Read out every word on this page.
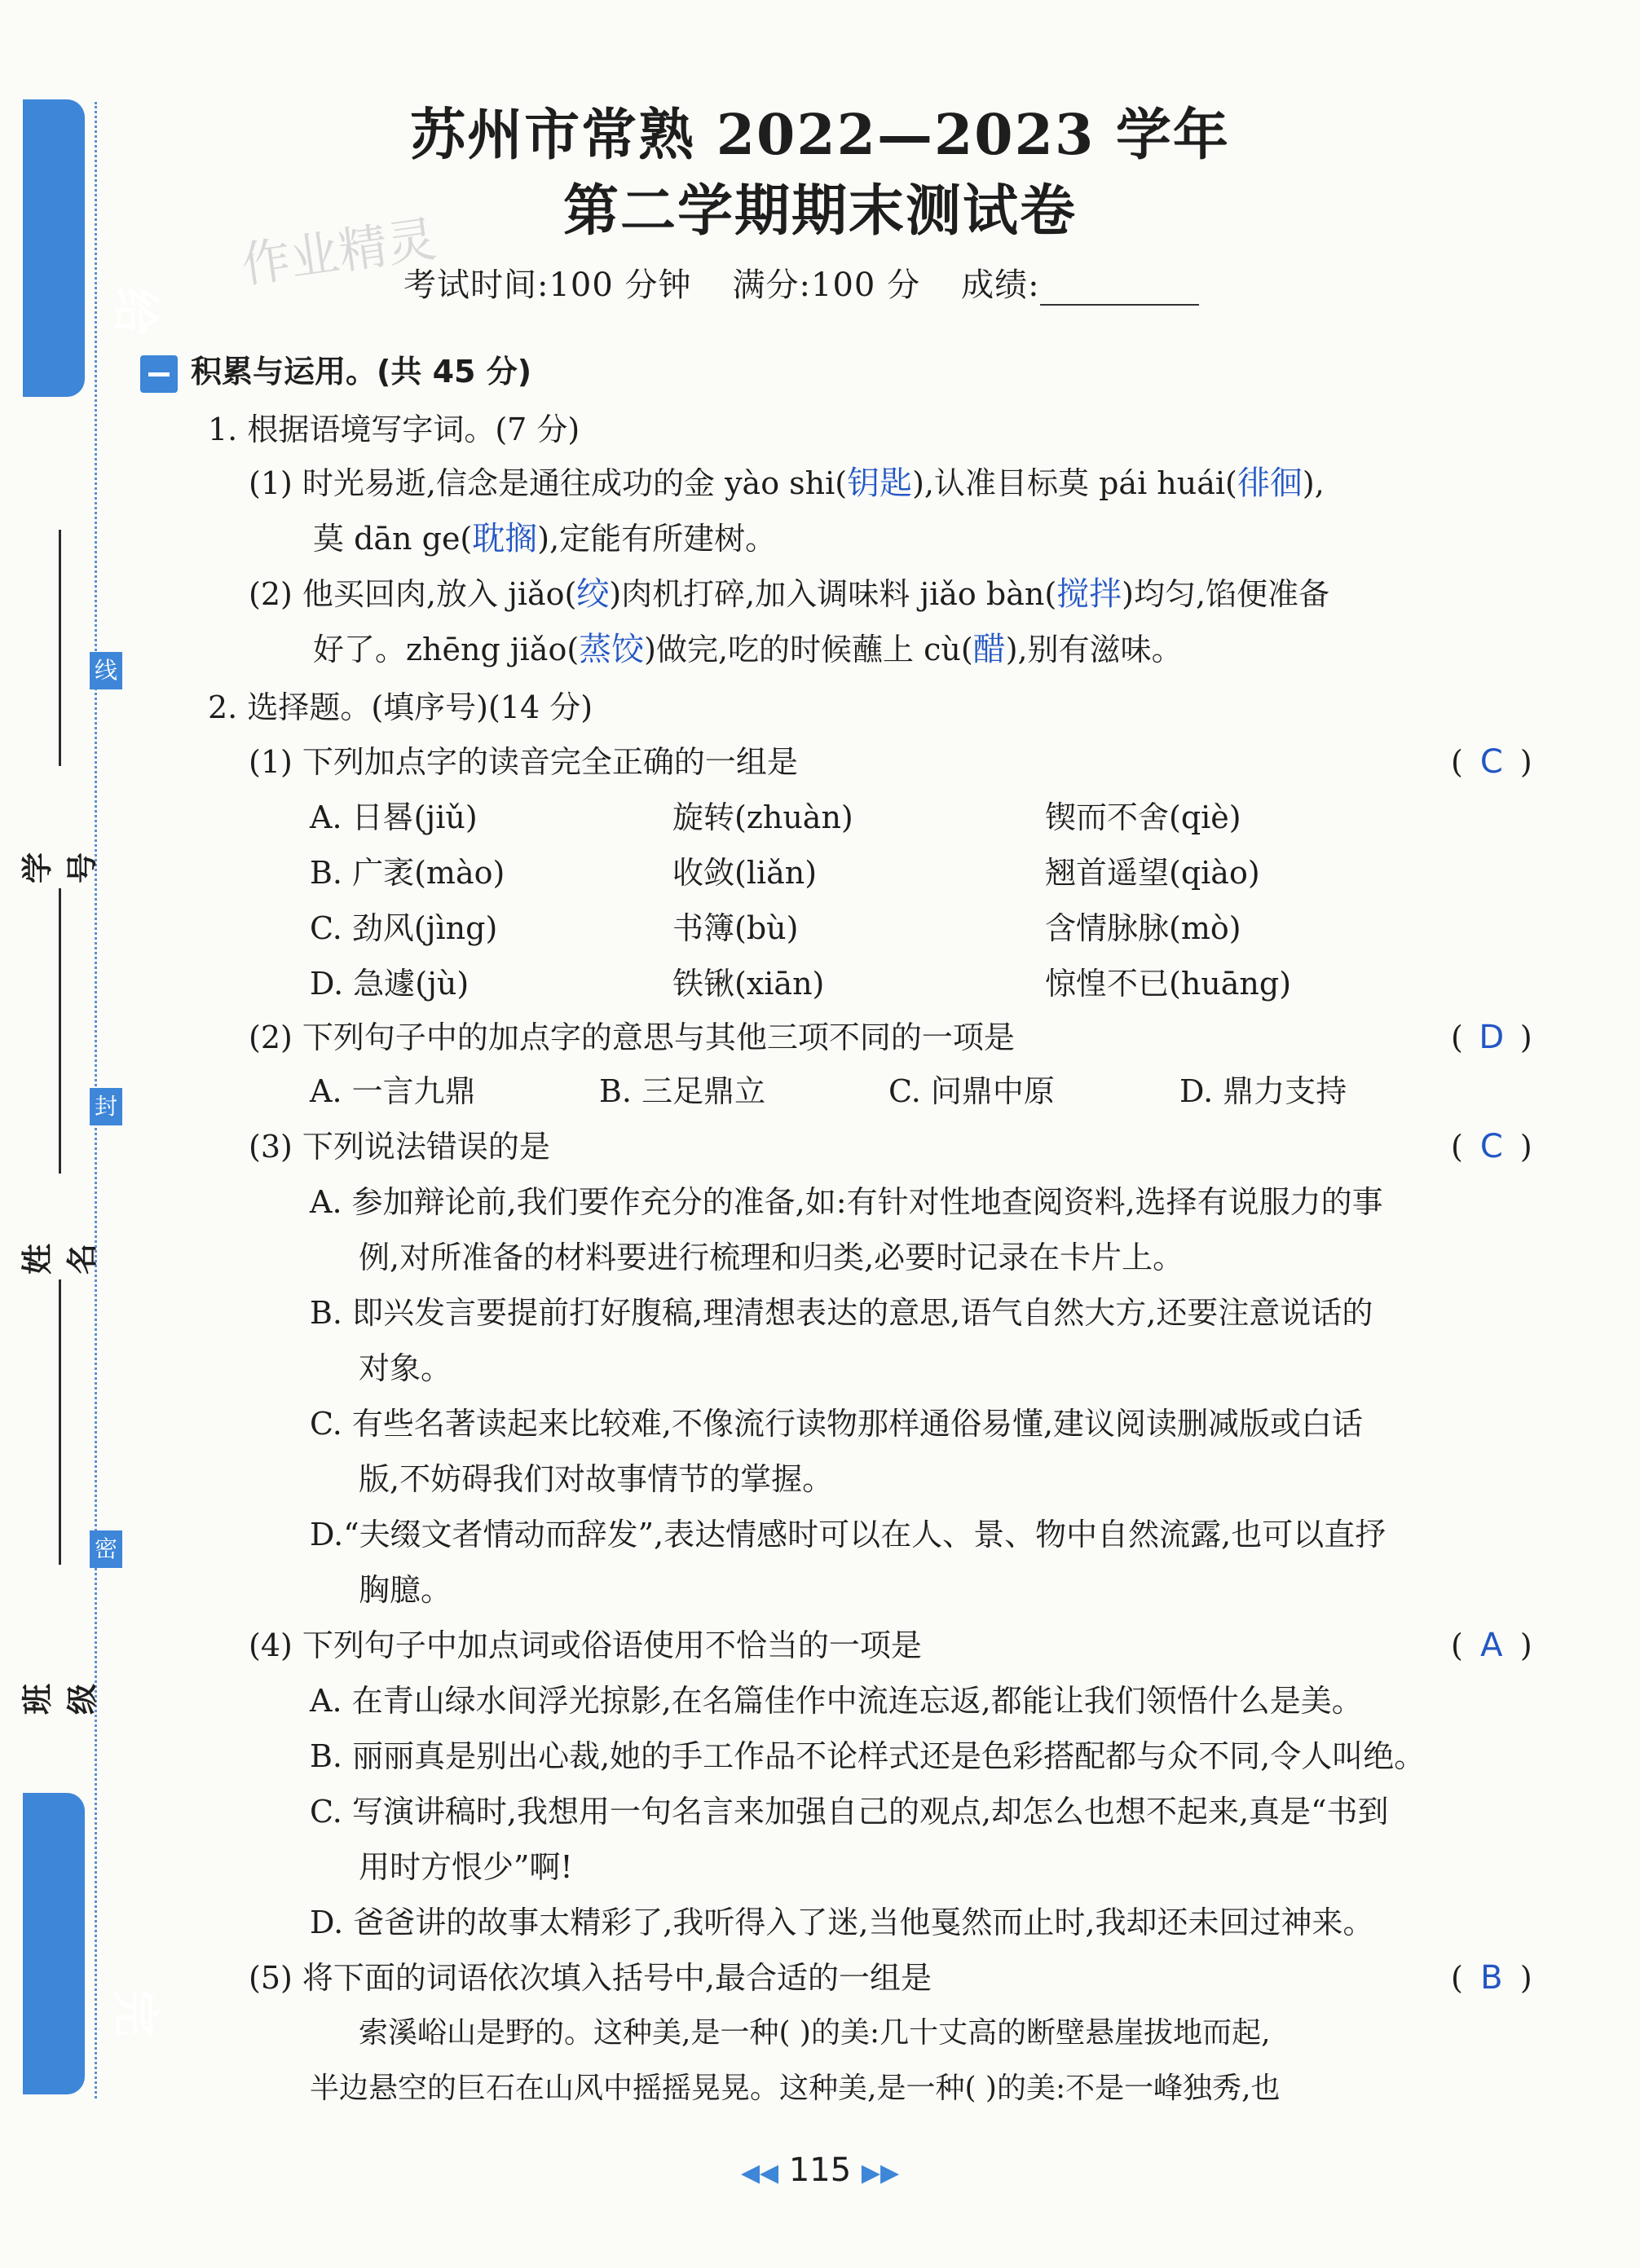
给
完
学号
姓名
班级
线
封
密
作业精灵
苏州市常熟 2022—2023 学年
第二学期期末测试卷
考试时间:100 分钟 满分:100 分 成绩:
积累与运用。(共 45 分)
1. 根据语境写字词。(7 分)
(1) 时光易逝,信念是通往成功的金 yào shi(钥匙),认准目标莫 pái huái(徘徊),
莫 dān ge(耽搁),定能有所建树。
(2) 他买回肉,放入 jiǎo(绞)肉机打碎,加入调味料 jiǎo bàn(搅拌)均匀,馅便准备
好了。zhēng jiǎo(蒸饺)做完,吃的时候蘸上 cù(醋),别有滋味。
2. 选择题。(填序号)(14 分)
(1) 下列加点字的读音完全正确的一组是	( C )
A. 日晷(jiǔ)	旋转(zhuàn)	锲而不舍(qiè)
B. 广袤(mào)	收敛(liǎn)	翘首遥望(qiào)
C. 劲风(jìng)	书簿(bù)	含情脉脉(mò)
D. 急遽(jù)	铁锹(xiān)	惊惶不已(huāng)
(2) 下列句子中的加点字的意思与其他三项不同的一项是	( D )
A. 一言九鼎	B. 三足鼎立	C. 问鼎中原	D. 鼎力支持
(3) 下列说法错误的是	( C )
A. 参加辩论前,我们要作充分的准备,如:有针对性地查阅资料,选择有说服力的事
例,对所准备的材料要进行梳理和归类,必要时记录在卡片上。
B. 即兴发言要提前打好腹稿,理清想表达的意思,语气自然大方,还要注意说话的
对象。
C. 有些名著读起来比较难,不像流行读物那样通俗易懂,建议阅读删减版或白话
版,不妨碍我们对故事情节的掌握。
D.“夫缀文者情动而辞发”,表达情感时可以在人、景、物中自然流露,也可以直抒
胸臆。
(4) 下列句子中加点词或俗语使用不恰当的一项是	( A )
A. 在青山绿水间浮光掠影,在名篇佳作中流连忘返,都能让我们领悟什么是美。
B. 丽丽真是别出心裁,她的手工作品不论样式还是色彩搭配都与众不同,令人叫绝。
C. 写演讲稿时,我想用一句名言来加强自己的观点,却怎么也想不起来,真是“书到
用时方恨少”啊!
D. 爸爸讲的故事太精彩了,我听得入了迷,当他戛然而止时,我却还未回过神来。
(5) 将下面的词语依次填入括号中,最合适的一组是	( B )
索溪峪山是野的。这种美,是一种( )的美:几十丈高的断壁悬崖拔地而起,
半边悬空的巨石在山风中摇摇晃晃。这种美,是一种( )的美:不是一峰独秀,也
◀◀ 115 ▶▶
